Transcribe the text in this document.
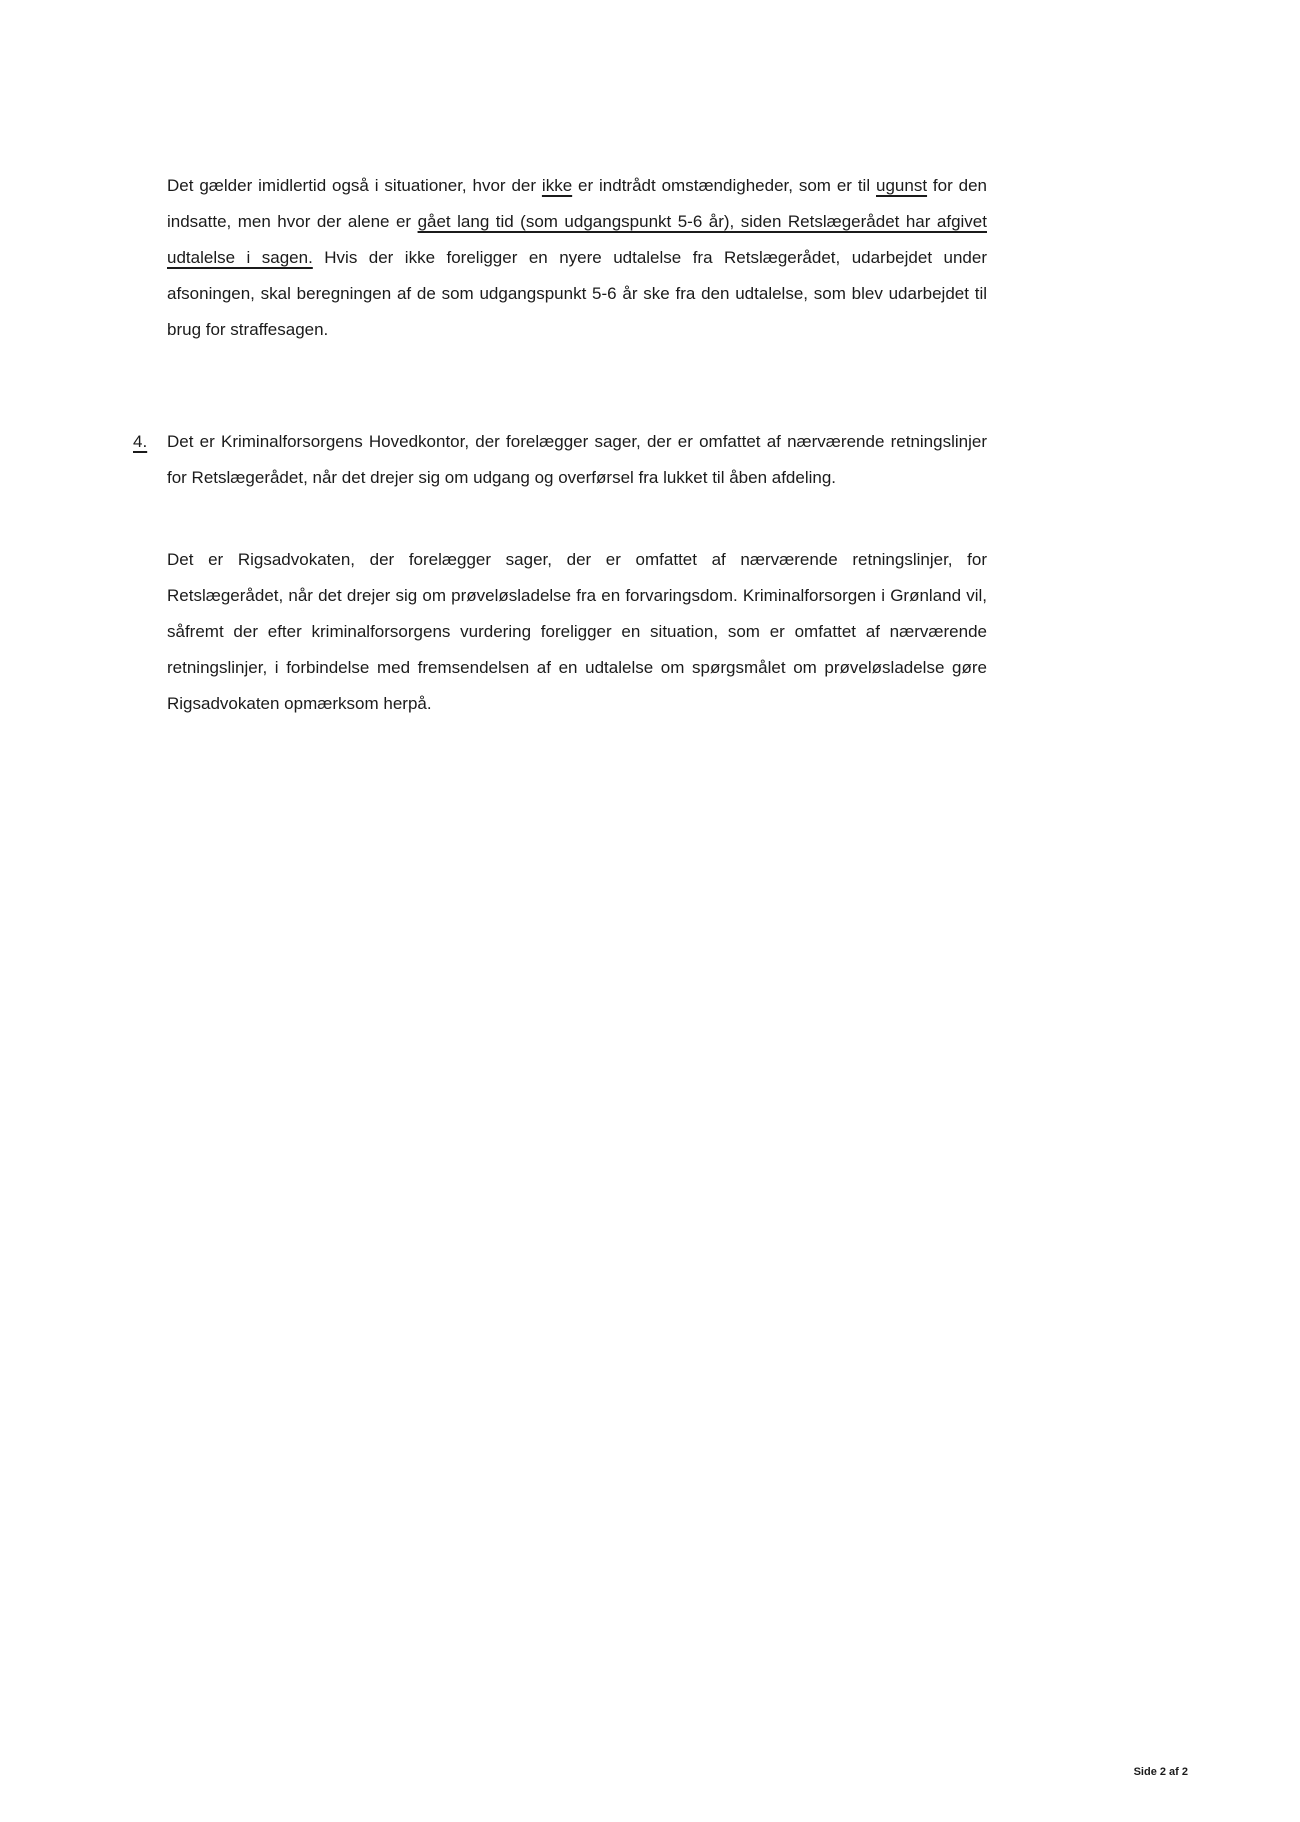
Det gælder imidlertid også i situationer, hvor der ikke er indtrådt omstændigheder, som er til ugunst for den indsatte, men hvor der alene er gået lang tid (som udgangspunkt 5-6 år), siden Retslægerådet har afgivet udtalelse i sagen. Hvis der ikke foreligger en nyere udtalelse fra Retslægerådet, udarbejdet under afsoningen, skal beregningen af de som udgangspunkt 5-6 år ske fra den udtalelse, som blev udarbejdet til brug for straffesagen.

4. Det er Kriminalforsorgens Hovedkontor, der forelægger sager, der er omfattet af nærværende retningslinjer for Retslægerådet, når det drejer sig om udgang og overførsel fra lukket til åben afdeling.

Det er Rigsadvokaten, der forelægger sager, der er omfattet af nærværende retningslinjer, for Retslægerådet, når det drejer sig om prøveløsladelse fra en forvaringsdom. Kriminalforsorgen i Grønland vil, såfremt der efter kriminalforsorgens vurdering foreligger en situation, som er omfattet af nærværende retningslinjer, i forbindelse med fremsendelsen af en udtalelse om spørgsmålet om prøveløsladelse gøre Rigsadvokaten opmærksom herpå.

Side 2 af 2
